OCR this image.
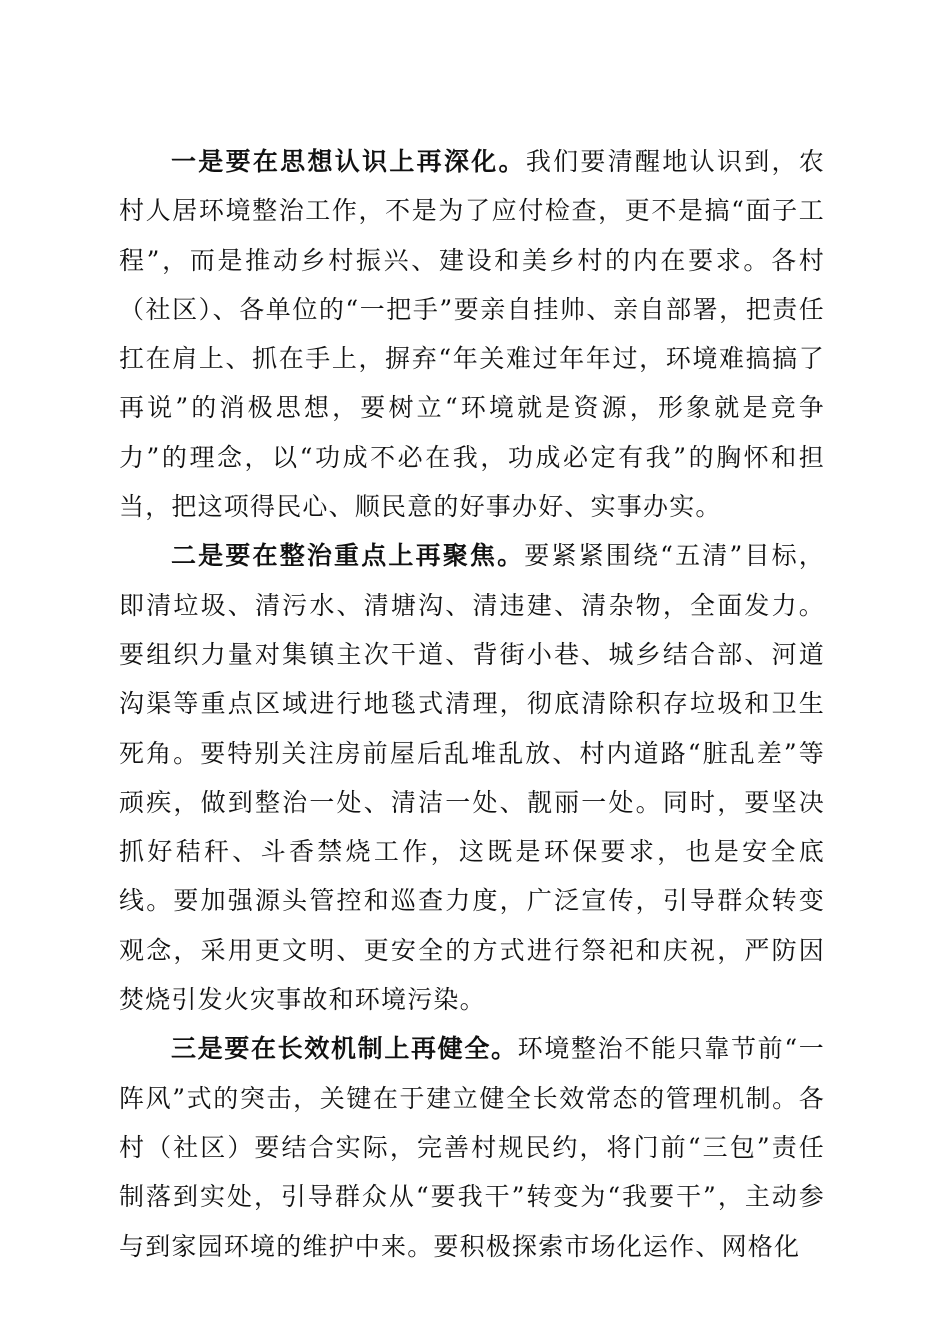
一是要在思想认识上再深化。我们要清醒地认识到，农村人居环境整治工作，不是为了应付检查，更不是搞“面子工程”，而是推动乡村振兴、建设和美乡村的内在要求。各村（社区）、各单位的“一把手”要亲自挂帅、亲自部署，把责任扛在肩上、抓在手上，摒弃“年关难过年年过，环境难搞搞了再说”的消极思想，要树立“环境就是资源，形象就是竞争力”的理念，以“功成不必在我，功成必定有我”的胸怀和担当，把这项得民心、顺民意的好事办好、实事办实。

二是要在整治重点上再聚焦。要紧紧围绕“五清”目标，即清垃圾、清污水、清塘沟、清违建、清杂物，全面发力。要组织力量对集镇主次干道、背街小巷、城乡结合部、河道沟渠等重点区域进行地毯式清理，彻底清除积存垃圾和卫生死角。要特别关注房前屋后乱堆乱放、村内道路“脏乱差”等顽疾，做到整治一处、清洁一处、靓丽一处。同时，要坚决抓好秸秆、斗香禁烧工作，这既是环保要求，也是安全底线。要加强源头管控和巡查力度，广泛宣传，引导群众转变观念，采用更文明、更安全的方式进行祭祀和庆祝，严防因焚烧引发火灾事故和环境污染。

三是要在长效机制上再健全。环境整治不能只靠节前“一阵风”式的突击，关键在于建立健全长效常态的管理机制。各村（社区）要结合实际，完善村规民约，将门前“三包”责任制落到实处，引导群众从“要我干”转变为“我要干”，主动参与到家园环境的维护中来。要积极探索市场化运作、网格化
